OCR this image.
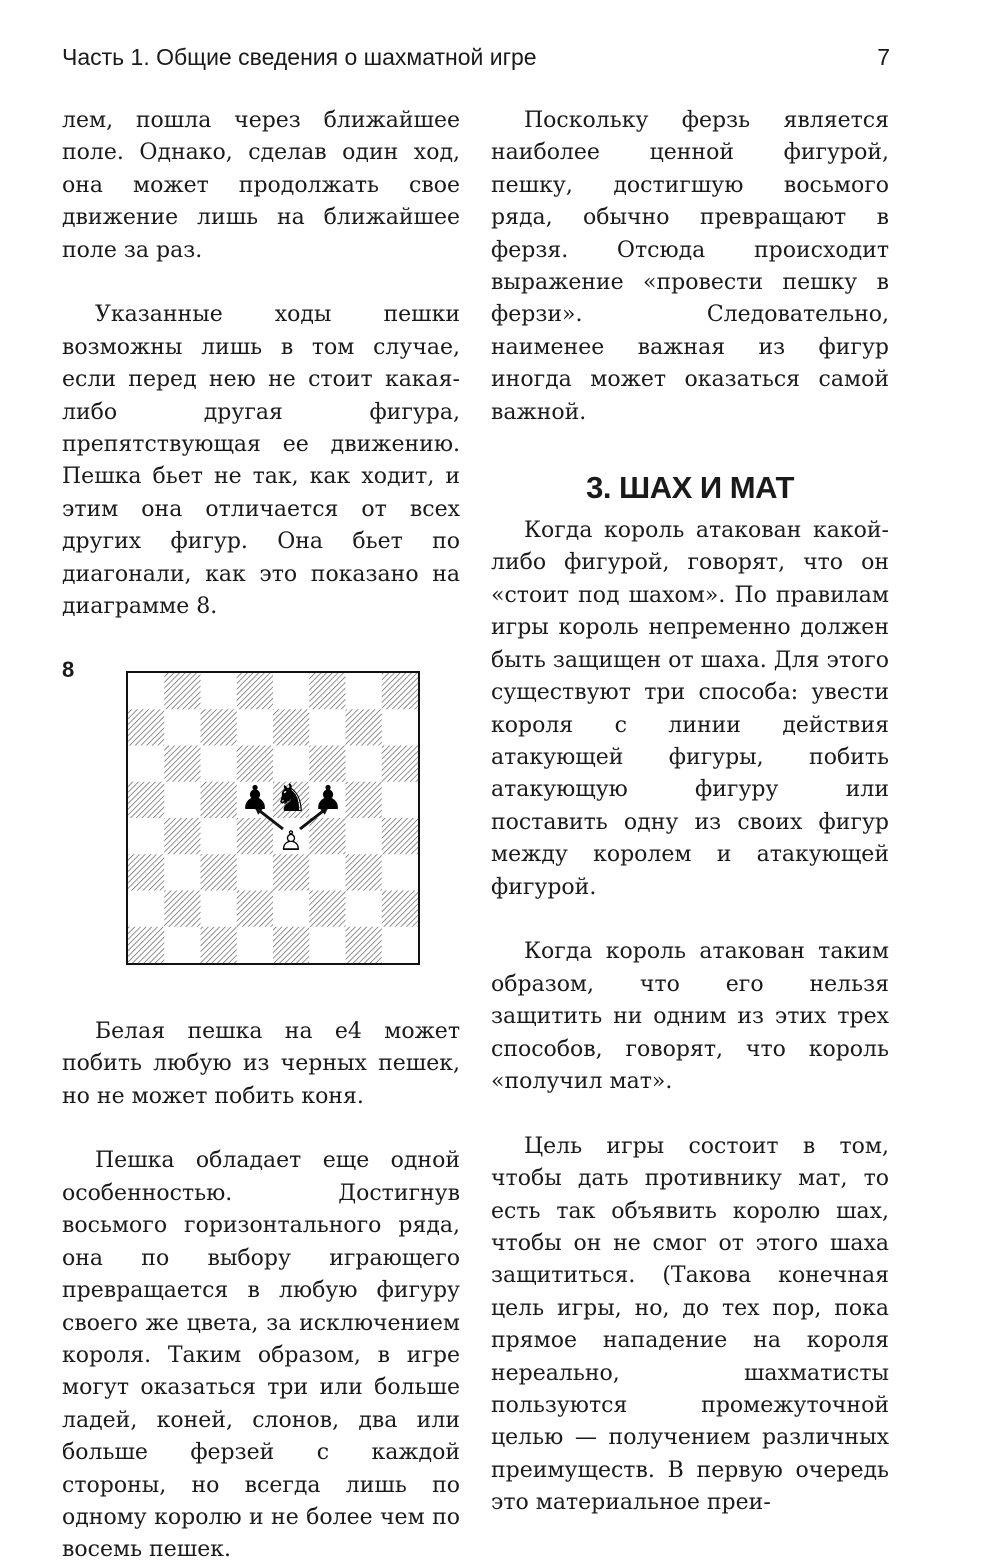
Часть 1. Общие сведения о шахматной игре	7

лем, пошла через ближайшее поле. Однако, сделав один ход, она может продолжать свое движение лишь на ближайшее поле за раз.

Указанные ходы пешки возможны лишь в том случае, если перед нею не стоит какая-либо другая фигура, препятствующая ее движению. Пешка бьет не так, как ходит, и этим она отличается от всех других фигур. Она бьет по диагонали, как это показано на диаграмме 8.

8
♟ ♞ ♟
♙

Белая пешка на е4 может побить любую из черных пешек, но не может побить коня.

Пешка обладает еще одной особенностью. Достигнув восьмого горизонтального ряда, она по выбору играющего превращается в любую фигуру своего же цвета, за исключением короля. Таким образом, в игре могут оказаться три или больше ладей, коней, слонов, два или больше ферзей с каждой стороны, но всегда лишь по одному королю и не более чем по восемь пешек.

Поскольку ферзь является наиболее ценной фигурой, пешку, достигшую восьмого ряда, обычно превращают в ферзя. Отсюда происходит выражение «провести пешку в ферзи». Следовательно, наименее важная из фигур иногда может оказаться самой важной.

3. ШАХ И МАТ

Когда король атакован какой-либо фигурой, говорят, что он «стоит под шахом». По правилам игры король непременно должен быть защищен от шаха. Для этого существуют три способа: увести короля с линии действия атакующей фигуры, побить атакующую фигуру или поставить одну из своих фигур между королем и атакующей фигурой.

Когда король атакован таким образом, что его нельзя защитить ни одним из этих трех способов, говорят, что король «получил мат».

Цель игры состоит в том, чтобы дать противнику мат, то есть так объявить королю шах, чтобы он не смог от этого шаха защититься. (Такова конечная цель игры, но, до тех пор, пока прямое нападение на короля нереально, шахматисты пользуются промежуточной целью — получением различных преимуществ. В первую очередь это материальное преи-
